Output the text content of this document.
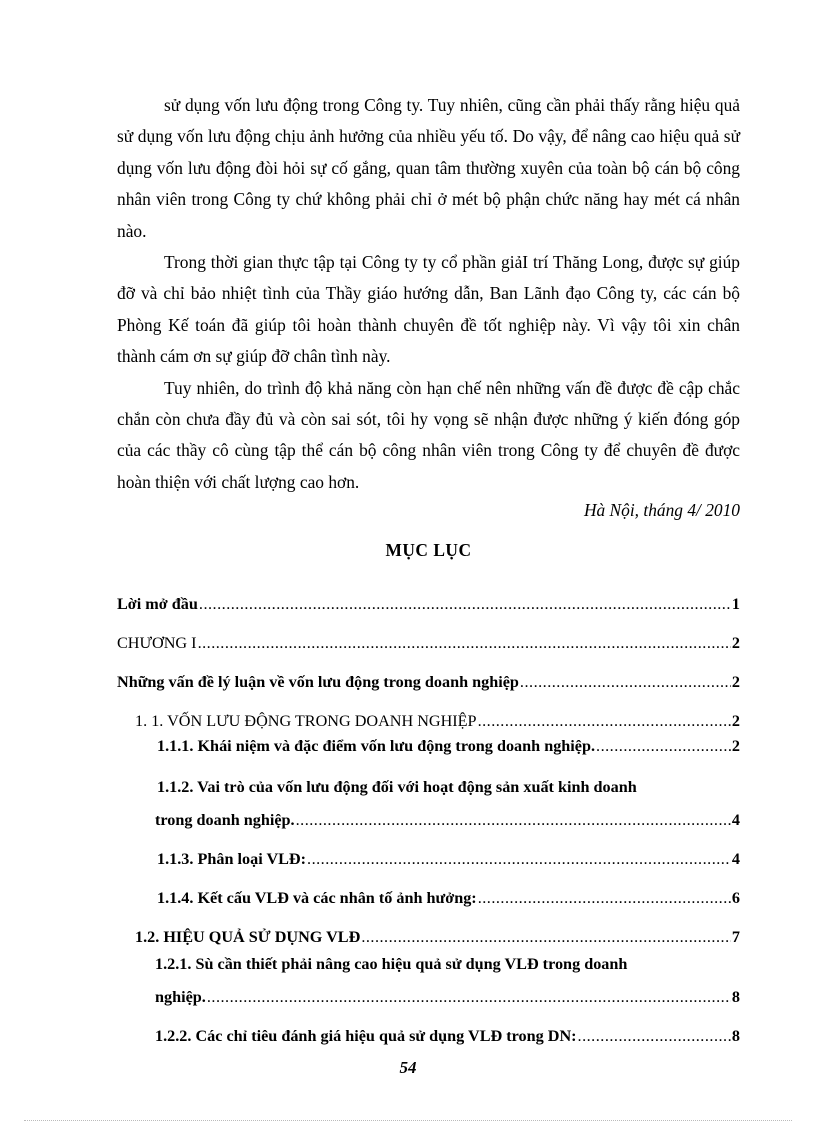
sử dụng vốn lưu động trong Công ty. Tuy nhiên, cũng cần phải thấy rằng hiệu quả sử dụng vốn lưu động chịu ảnh hưởng của nhiều yếu tố. Do vậy, để nâng cao hiệu quả sử dụng vốn lưu động đòi hỏi sự cố gắng, quan tâm thường xuyên của toàn bộ cán bộ công nhân viên trong Công ty chứ không phải chỉ ở mét bộ phận chức năng hay mét cá nhân nào.

Trong thời gian thực tập tại Công ty ty cổ phần giảI trí Thăng Long, được sự giúp đỡ và chỉ bảo nhiệt tình của Thầy giáo hướng dẫn, Ban Lãnh đạo Công ty, các cán bộ Phòng Kế toán đã giúp tôi hoàn thành chuyên đề tốt nghiệp này. Vì vậy tôi xin chân thành cám ơn sự giúp đỡ chân tình này.

Tuy nhiên, do trình độ khả năng còn hạn chế nên những vấn đề được đề cập chắc chắn còn chưa đầy đủ và còn sai sót, tôi hy vọng sẽ nhận được những ý kiến đóng góp của các thầy cô cùng tập thể cán bộ công nhân viên trong Công ty để chuyên đề được hoàn thiện với chất lượng cao hơn.

Hà Nội, tháng 4/ 2010
MỤC LỤC
Lời mở đầu .....	1
CHƯƠNG I .....	2
Những vấn đề lý luận về vốn lưu động trong doanh nghiệp .....	2
1. 1. VỐN LƯU ĐỘNG TRONG DOANH NGHIỆP .....	2
1.1.1. Khái niệm và đặc điểm vốn lưu động trong doanh nghiệp. .....	2
1.1.2. Vai trò của vốn lưu động đối với hoạt động sản xuất kinh doanh
trong doanh nghiệp. .....	4
1.1.3. Phân loại VLĐ: .....	4
1.1.4. Kết cấu VLĐ và các nhân tố ảnh hưởng: .....	6
1.2. HIỆU QUẢ SỬ DỤNG VLĐ .....	7
1.2.1. Sù cần thiết phải nâng cao hiệu quả sử dụng VLĐ trong doanh
nghiệp. .....	8
1.2.2. Các chỉ tiêu đánh giá hiệu quả sử dụng VLĐ trong DN: .....	8
54
